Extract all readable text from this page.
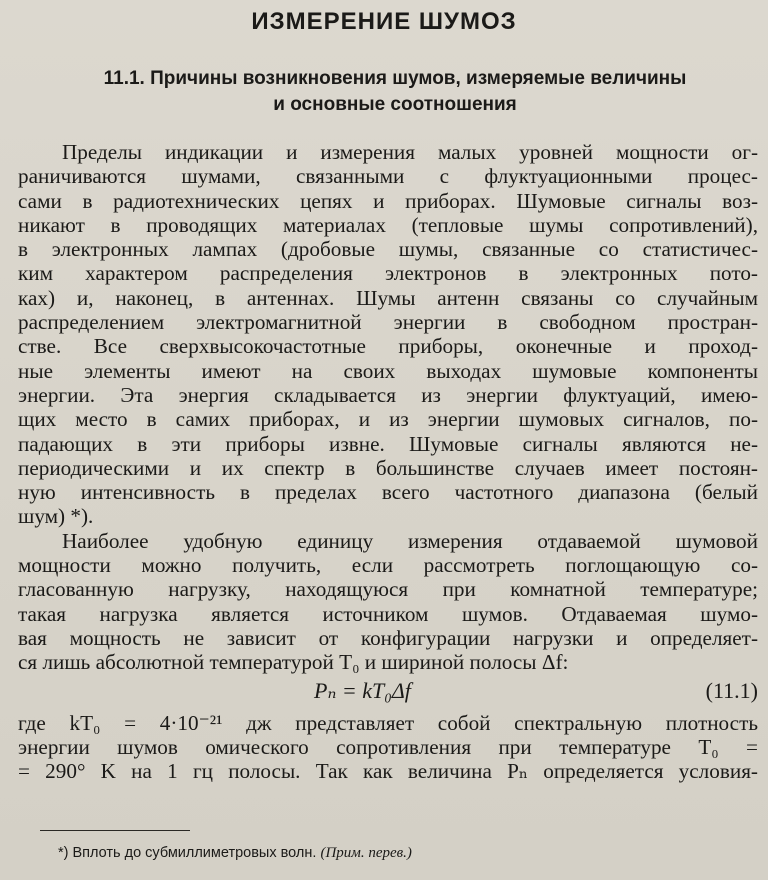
ИЗМЕРЕНИЕ ШУМОЗ
11.1. Причины возникновения шумов, измеряемые величины
и основные соотношения
Пределы индикации и измерения малых уровней мощности ог-
раничиваются шумами, связанными с флуктуационными процес-
сами в радиотехнических цепях и приборах. Шумовые сигналы воз-
никают в проводящих материалах (тепловые шумы сопротивлений),
в электронных лампах (дробовые шумы, связанные со статистичес-
ким характером распределения электронов в электронных пото-
ках) и, наконец, в антеннах. Шумы антенн связаны со случайным
распределением электромагнитной энергии в свободном простран-
стве. Все сверхвысокочастотные приборы, оконечные и проход-
ные элементы имеют на своих выходах шумовые компоненты
энергии. Эта энергия складывается из энергии флуктуаций, имею-
щих место в самих приборах, и из энергии шумовых сигналов, по-
падающих в эти приборы извне. Шумовые сигналы являются не-
периодическими и их спектр в большинстве случаев имеет постоян-
ную интенсивность в пределах всего частотного диапазона (белый
шум) *).
Наиболее удобную единицу измерения отдаваемой шумовой
мощности можно получить, если рассмотреть поглощающую со-
гласованную нагрузку, находящуюся при комнатной температуре;
такая нагрузка является источником шумов. Отдаваемая шумо-
вая мощность не зависит от конфигурации нагрузки и определяет-
ся лишь абсолютной температурой T₀ и шириной полосы Δf:
Pₙ = kT₀Δf	(11.1)
где kT₀ = 4·10⁻²¹ дж представляет собой спектральную плотность
энергии шумов омического сопротивления при температуре T₀ =
= 290° K на 1 гц полосы. Так как величина Pₙ определяется условия-
*) Вплоть до субмиллиметровых волн. (Прим. перев.)
